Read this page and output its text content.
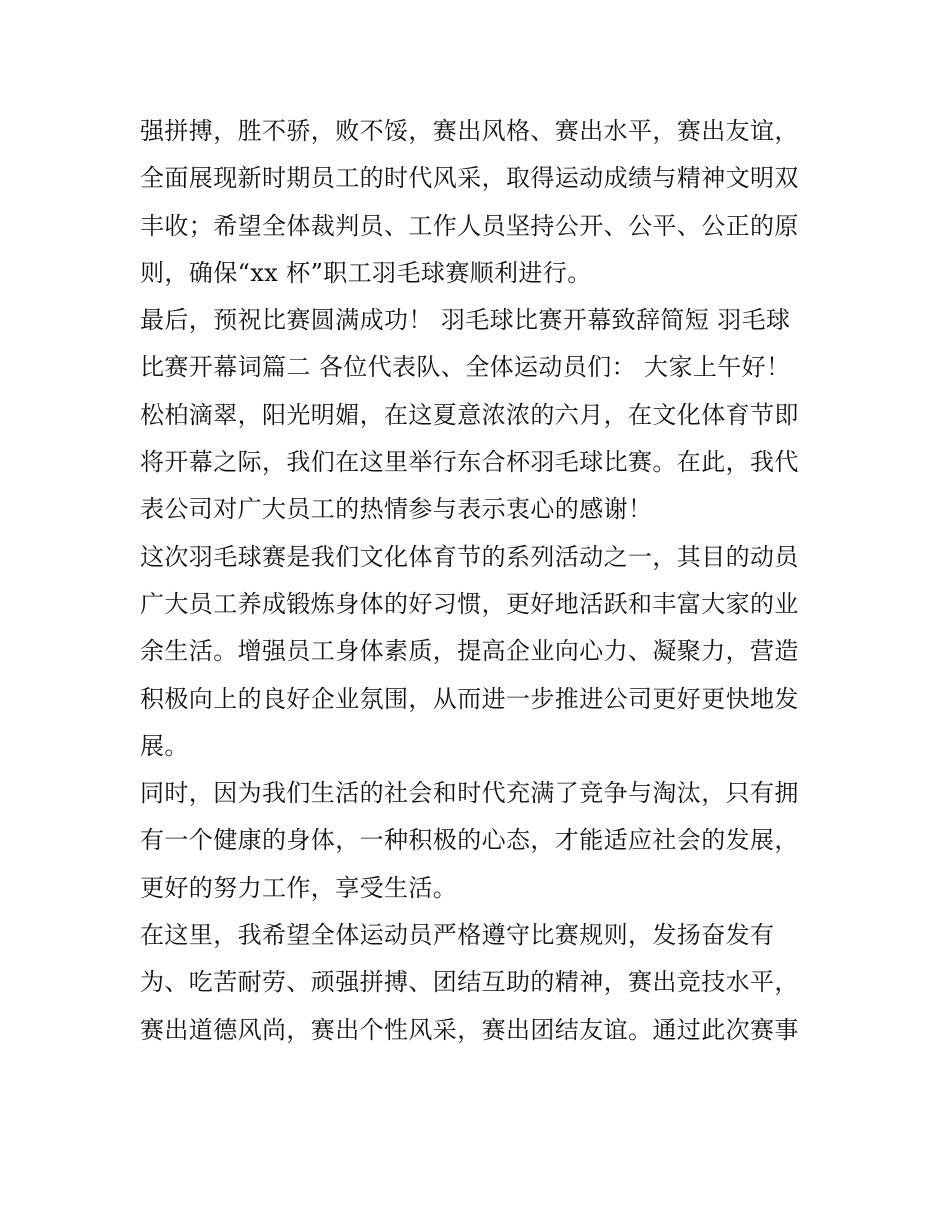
强拼搏，胜不骄，败不馁，赛出风格、赛出水平，赛出友谊，
全面展现新时期员工的时代风采，取得运动成绩与精神文明双
丰收；希望全体裁判员、工作人员坚持公开、公平、公正的原
则，确保“xx 杯”职工羽毛球赛顺利进行。
最后，预祝比赛圆满成功！ 羽毛球比赛开幕致辞简短 羽毛球
比赛开幕词篇二 各位代表队、全体运动员们： 大家上午好！
松柏滴翠，阳光明媚，在这夏意浓浓的六月，在文化体育节即
将开幕之际，我们在这里举行东合杯羽毛球比赛。在此，我代
表公司对广大员工的热情参与表示衷心的感谢！
这次羽毛球赛是我们文化体育节的系列活动之一，其目的动员
广大员工养成锻炼身体的好习惯，更好地活跃和丰富大家的业
余生活。增强员工身体素质，提高企业向心力、凝聚力，营造
积极向上的良好企业氛围，从而进一步推进公司更好更快地发
展。
同时，因为我们生活的社会和时代充满了竞争与淘汰，只有拥
有一个健康的身体，一种积极的心态，才能适应社会的发展，
更好的努力工作，享受生活。
在这里，我希望全体运动员严格遵守比赛规则，发扬奋发有
为、吃苦耐劳、顽强拼搏、团结互助的精神，赛出竞技水平，
赛出道德风尚，赛出个性风采，赛出团结友谊。通过此次赛事
